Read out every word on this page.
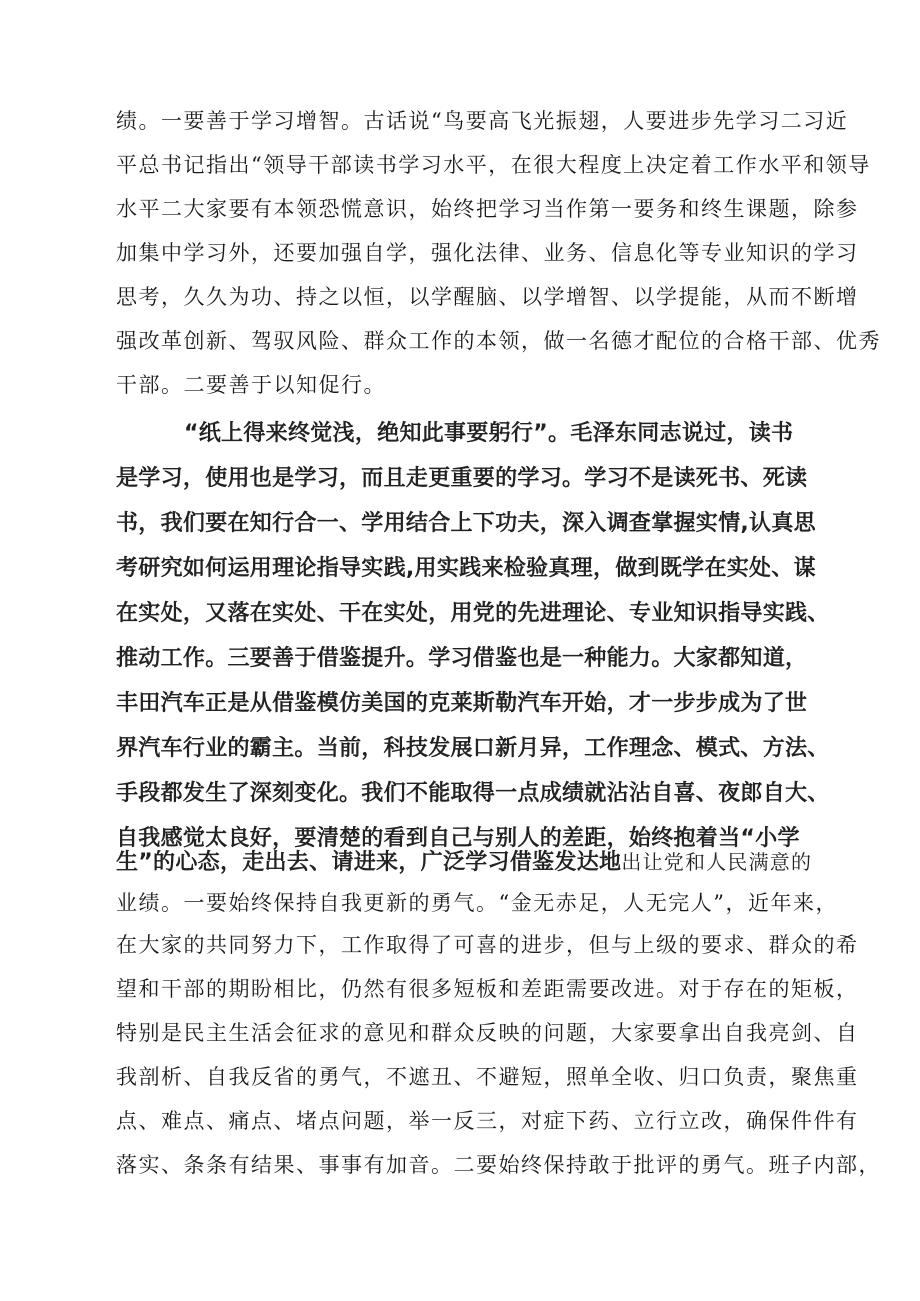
绩。一要善于学习增智。古话说“鸟要高飞光振翅，人要进步先学习二习近
平总书记指出“领导干部读书学习水平，在很大程度上决定着工作水平和领导
水平二大家要有本领恐慌意识，始终把学习当作第一要务和终生课题，除参
加集中学习外，还要加强自学，强化法律、业务、信息化等专业知识的学习
思考，久久为功、持之以恒，以学醒脑、以学增智、以学提能，从而不断增
强改革创新、驾驭风险、群众工作的本领，做一名德才配位的合格干部、优秀
干部。二要善于以知促行。
“纸上得来终觉浅，绝知此事要躬行”。毛泽东同志说过，读书
是学习，使用也是学习，而且走更重要的学习。学习不是读死书、死读
书，我们要在知行合一、学用结合上下功夫，深入调查掌握实情,认真思
考研究如何运用理论指导实践,用实践来检验真理，做到既学在实处、谋
在实处，又落在实处、干在实处，用党的先进理论、专业知识指导实践、
推动工作。三要善于借鉴提升。学习借鉴也是一种能力。大家都知道，
丰田汽车正是从借鉴模仿美国的克莱斯勒汽车开始，才一步步成为了世
界汽车行业的霸主。当前，科技发展口新月异，工作理念、模式、方法、
手段都发生了深刻变化。我们不能取得一点成绩就沾沾自喜、夜郎自大、
自我感觉太良好，要清楚的看到自己与别人的差距，始终抱着当“小学
生”的心态，走出去、请进来，广泛学习借鉴发达地出让党和人民满意的
业绩。一要始终保持自我更新的勇气。“金无赤足，人无完人”，近年来，
在大家的共同努力下，工作取得了可喜的进步，但与上级的要求、群众的希
望和干部的期盼相比，仍然有很多短板和差距需要改进。对于存在的矩板，
特别是民主生活会征求的意见和群众反映的问题，大家要拿出自我亮剑、自
我剖析、自我反省的勇气，不遮丑、不避短，照单全收、归口负责，聚焦重
点、难点、痛点、堵点问题，举一反三，对症下药、立行立改，确保件件有
落实、条条有结果、事事有加音。二要始终保持敢于批评的勇气。班子内部，
